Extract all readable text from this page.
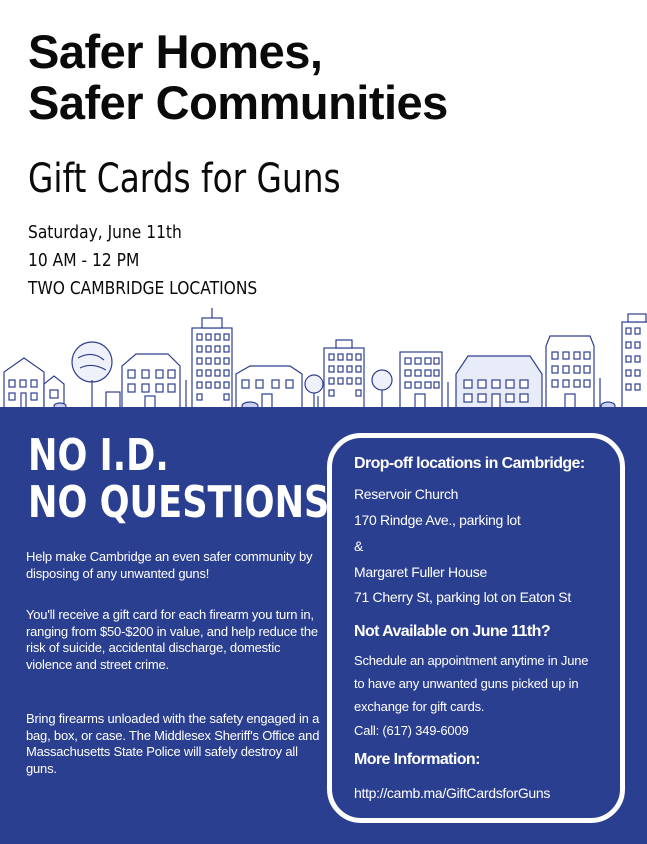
Safer Homes,
Safer Communities
Gift Cards for Guns
Saturday, June 11th
10 AM - 12 PM
TWO CAMBRIDGE LOCATIONS
NO I.D.
NO QUESTIONS
Help make Cambridge an even safer community by disposing of any unwanted guns!
You'll receive a gift card for each firearm you turn in, ranging from $50-$200 in value, and help reduce the risk of suicide, accidental discharge, domestic violence and street crime.
Bring firearms unloaded with the safety engaged in a bag, box, or case. The Middlesex Sheriff's Office and Massachusetts State Police will safely destroy all guns.
Drop-off locations in Cambridge:
Reservoir Church
170 Rindge Ave., parking lot
&
Margaret Fuller House
71 Cherry St, parking lot on Eaton St
Not Available on June 11th?
Schedule an appointment anytime in June
to have any unwanted guns picked up in
exchange for gift cards.
Call: (617) 349-6009
More Information:
http://camb.ma/GiftCardsforGuns
